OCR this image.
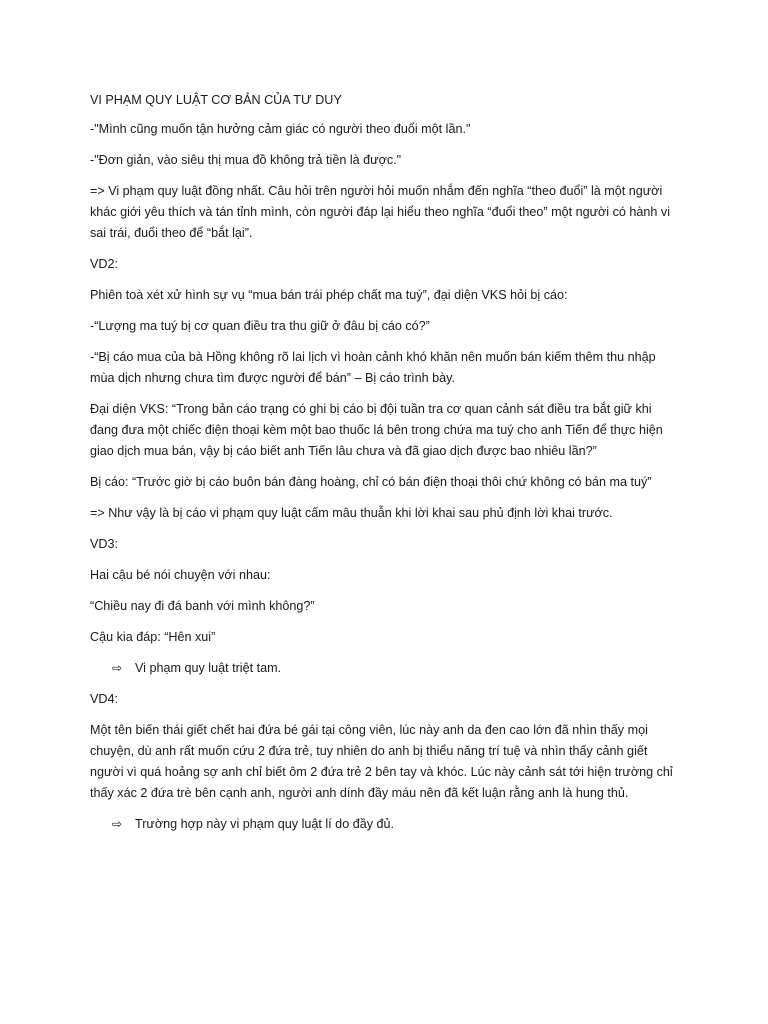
VI PHẠM QUY LUẬT CƠ BẢN CỦA TƯ DUY
-"Mình cũng muốn tận hưởng cảm giác có người theo đuổi một lần."
-"Đơn giản, vào siêu thị mua đồ không trả tiền là được."
=> Vi phạm quy luật đồng nhất. Câu hỏi trên người hỏi muốn nhắm đến nghĩa “theo đuổi” là một người khác giới yêu thích và tán tỉnh mình, còn người đáp lại hiểu theo nghĩa “đuổi theo” một người có hành vi sai trái, đuổi theo để “bắt lại”.
VD2:
Phiên toà xét xử hình sự vụ “mua bán trái phép chất ma tuý”, đại diện VKS hỏi bị cáo:
-“Lượng ma tuý bị cơ quan điều tra thu giữ ở đâu bị cáo có?”
-“Bị cáo mua của bà Hồng không rõ lai lịch vì hoàn cảnh khó khăn nên muốn bán kiếm thêm thu nhập mùa dịch nhưng chưa tìm được người để bán” – Bị cáo trình bày.
Đại diện VKS: “Trong bản cáo trạng có ghi bị cáo bị đội tuần tra cơ quan cảnh sát điều tra bắt giữ khi đang đưa một chiếc điện thoại kèm một bao thuốc lá bên trong chứa ma tuý cho anh Tiến để thực hiện giao dịch mua bán, vậy bị cáo biết anh Tiến lâu chưa và đã giao dịch được bao nhiêu lần?”
Bị cáo: “Trước giờ bị cáo buôn bán đàng hoàng, chỉ có bán điện thoại thôi chứ không có bán ma tuý”
=> Như vậy là bị cáo vi phạm quy luật cấm mâu thuẫn khi lời khai sau phủ định lời khai trước.
VD3:
Hai cậu bé nói chuyện với nhau:
“Chiều nay đi đá banh với mình không?”
Cậu kia đáp: “Hên xui”
⇨ Vi phạm quy luật triệt tam.
VD4:
Một tên biến thái giết chết hai đứa bé gái tại công viên, lúc này anh da đen cao lớn đã nhìn thấy mọi chuyện, dù anh rất muốn cứu 2 đứa trẻ, tuy nhiên do anh bị thiểu năng trí tuệ và nhìn thấy cảnh giết người vì quá hoảng sợ anh chỉ biết ôm 2 đứa trẻ 2 bên tay và khóc. Lúc này cảnh sát tới hiện trường chỉ thấy xác 2 đứa trè bên cạnh anh, người anh dính đầy máu nên đã kết luận rằng anh là hung thủ.
⇨ Trường hợp này vi phạm quy luật lí do đầy đủ.
